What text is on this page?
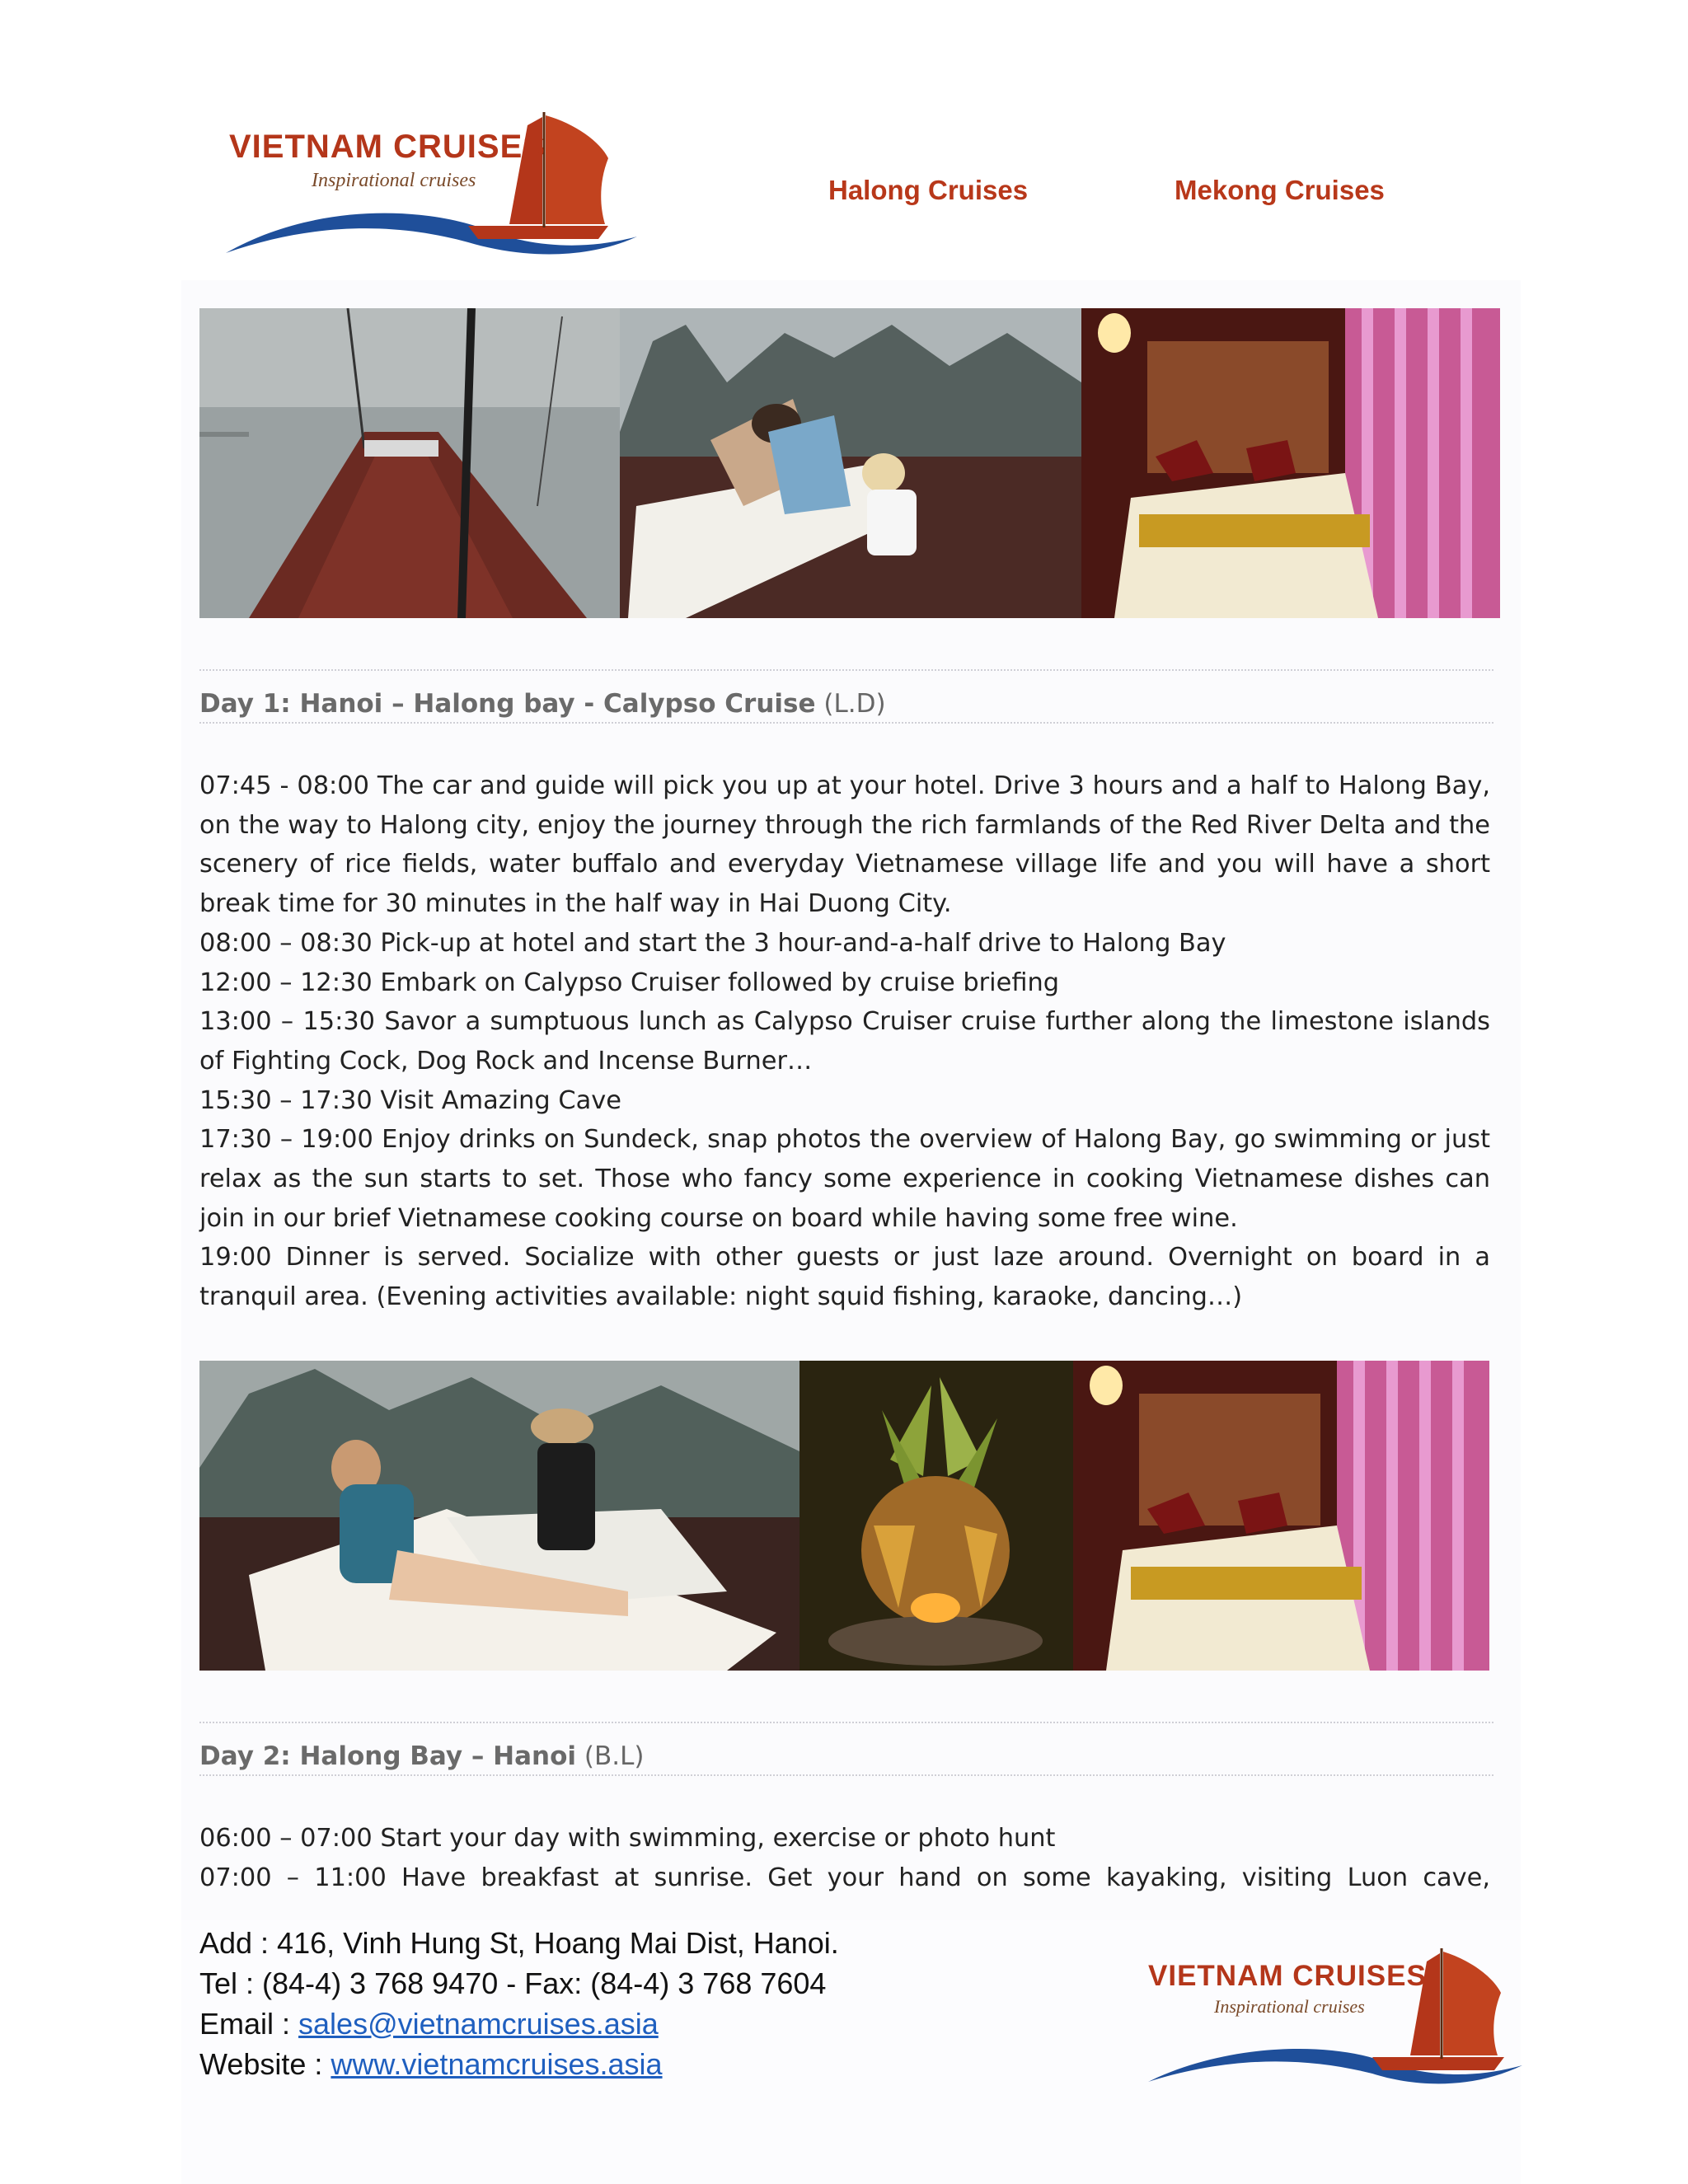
VIETNAM CRUISES
Inspirational cruises	Halong Cruises	Mekong Cruises
Day 1: Hanoi – Halong bay - Calypso Cruise (L.D)

07:45 - 08:00 The car and guide will pick you up at your hotel. Drive 3 hours and a half to Halong Bay, on the way to Halong city, enjoy the journey through the rich farmlands of the Red River Delta and the scenery of rice fields, water buffalo and everyday Vietnamese village life and you will have a short break time for 30 minutes in the half way in Hai Duong City.

08:00 – 08:30 Pick-up at hotel and start the 3 hour-and-a-half drive to Halong Bay

12:00 – 12:30 Embark on Calypso Cruiser followed by cruise briefing

13:00 – 15:30 Savor a sumptuous lunch as Calypso Cruiser cruise further along the limestone islands of Fighting Cock, Dog Rock and Incense Burner…

15:30 – 17:30 Visit Amazing Cave

17:30 – 19:00 Enjoy drinks on Sundeck, snap photos the overview of Halong Bay, go swimming or just relax as the sun starts to set. Those who fancy some experience in cooking Vietnamese dishes can join in our brief Vietnamese cooking course on board while having some free wine.

19:00 Dinner is served. Socialize with other guests or just laze around. Overnight on board in a tranquil area. (Evening activities available: night squid fishing, karaoke, dancing…)

Day 2: Halong Bay – Hanoi (B.L)

06:00 – 07:00 Start your day with swimming, exercise or photo hunt

07:00 – 11:00 Have breakfast at sunrise. Get your hand on some kayaking, visiting Luon cave,

Add : 416, Vinh Hung St, Hoang Mai Dist, Hanoi.
Tel : (84-4) 3 768 9470 - Fax: (84-4) 3 768 7604
Email : sales@vietnamcruises.asia
Website : www.vietnamcruises.asia
VIETNAM CRUISES
Inspirational cruises
